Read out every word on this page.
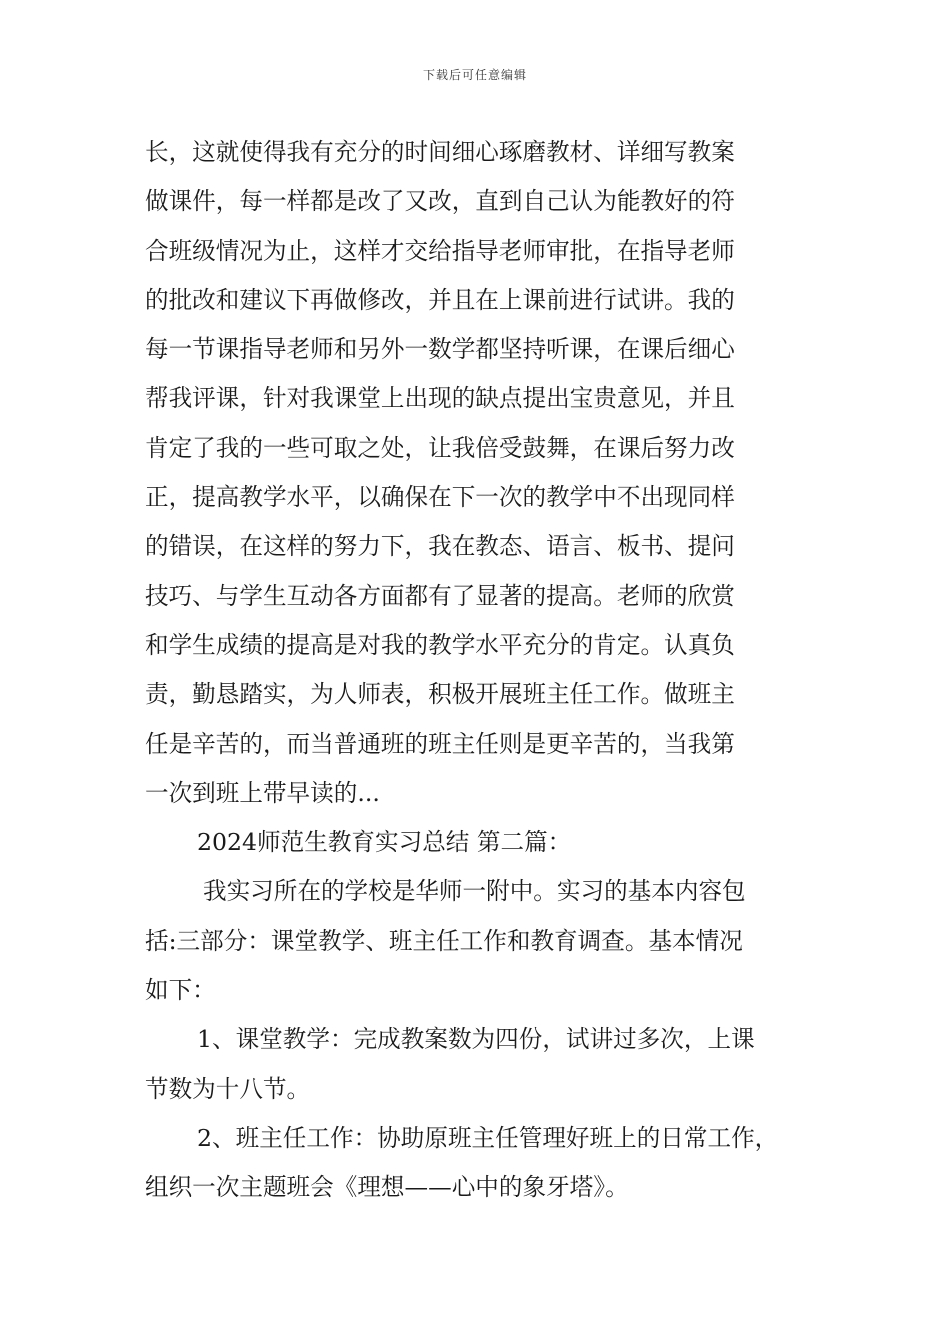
下载后可任意编辑
长，这就使得我有充分的时间细心琢磨教材、详细写教案
做课件，每一样都是改了又改，直到自己认为能教好的符
合班级情况为止，这样才交给指导老师审批，在指导老师
的批改和建议下再做修改，并且在上课前进行试讲。我的
每一节课指导老师和另外一数学都坚持听课，在课后细心
帮我评课，针对我课堂上出现的缺点提出宝贵意见，并且
肯定了我的一些可取之处，让我倍受鼓舞，在课后努力改
正，提高教学水平，以确保在下一次的教学中不出现同样
的错误，在这样的努力下，我在教态、语言、板书、提问
技巧、与学生互动各方面都有了显著的提高。老师的欣赏
和学生成绩的提高是对我的教学水平充分的肯定。认真负
责，勤恳踏实，为人师表，积极开展班主任工作。做班主
任是辛苦的，而当普通班的班主任则是更辛苦的，当我第
一次到班上带早读的...
2024师范生教育实习总结 第二篇：
我实习所在的学校是华师一附中。实习的基本内容包
括:三部分：课堂教学、班主任工作和教育调查。基本情况
如下：
1、课堂教学：完成教案数为四份，试讲过多次，上课
节数为十八节。
2、班主任工作：协助原班主任管理好班上的日常工作，
组织一次主题班会《理想——心中的象牙塔》。
